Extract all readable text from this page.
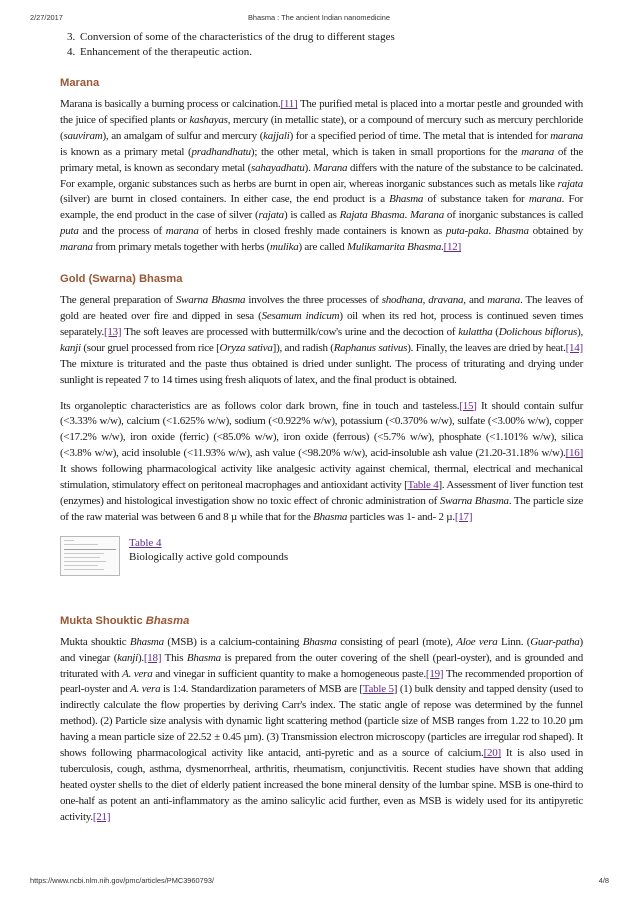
2/27/2017	Bhasma : The ancient Indian nanomedicine
3. Conversion of some of the characteristics of the drug to different stages
4. Enhancement of the therapeutic action.
Marana

Marana is basically a burning process or calcination.[11] The purified metal is placed into a mortar pestle and grounded with the juice of specified plants or kashayas, mercury (in metallic state), or a compound of mercury such as mercury perchloride (sauviram), an amalgam of sulfur and mercury (kajjali) for a specified period of time. The metal that is intended for marana is known as a primary metal (pradhandhatu); the other metal, which is taken in small proportions for the marana of the primary metal, is known as secondary metal (sahayadhatu). Marana differs with the nature of the substance to be calcinated. For example, organic substances such as herbs are burnt in open air, whereas inorganic substances such as metals like rajata (silver) are burnt in closed containers. In either case, the end product is a Bhasma of substance taken for marana. For example, the end product in the case of silver (rajata) is called as Rajata Bhasma. Marana of inorganic substances is called puta and the process of marana of herbs in closed freshly made containers is known as puta-paka. Bhasma obtained by marana from primary metals together with herbs (mulika) are called Mulikamarita Bhasma.[12]

Gold (Swarna) Bhasma

The general preparation of Swarna Bhasma involves the three processes of shodhana, dravana, and marana. The leaves of gold are heated over fire and dipped in sesa (Sesamum indicum) oil when its red hot, process is continued seven times separately.[13] The soft leaves are processed with buttermilk/cow's urine and the decoction of kulattha (Dolichous biflorus), kanji (sour gruel processed from rice [Oryza sativa]), and radish (Raphanus sativus). Finally, the leaves are dried by heat.[14] The mixture is triturated and the paste thus obtained is dried under sunlight. The process of triturating and drying under sunlight is repeated 7 to 14 times using fresh aliquots of latex, and the final product is obtained.

Its organoleptic characteristics are as follows color dark brown, fine in touch and tasteless.[15] It should contain sulfur (<3.33% w/w), calcium (<1.625% w/w), sodium (<0.922% w/w), potassium (<0.370% w/w), sulfate (<3.00% w/w), copper (<17.2% w/w), iron oxide (ferric) (<85.0% w/w), iron oxide (ferrous) (<5.7% w/w), phosphate (<1.101% w/w), silica (<3.8% w/w), acid insoluble (<11.93% w/w), ash value (<98.20% w/w), acid-insoluble ash value (21.20-31.18% w/w).[16] It shows following pharmacological activity like analgesic activity against chemical, thermal, electrical and mechanical stimulation, stimulatory effect on peritoneal macrophages and antioxidant activity [Table 4]. Assessment of liver function test (enzymes) and histological investigation show no toxic effect of chronic administration of Swarna Bhasma. The particle size of the raw material was between 6 and 8 µ while that for the Bhasma particles was 1- and- 2 µ.[17]

Table 4
Biologically active gold compounds
Mukta Shouktic Bhasma

Mukta shouktic Bhasma (MSB) is a calcium-containing Bhasma consisting of pearl (mote), Aloe vera Linn. (Guar-patha) and vinegar (kanji).[18] This Bhasma is prepared from the outer covering of the shell (pearl-oyster), and is grounded and triturated with A. vera and vinegar in sufficient quantity to make a homogeneous paste.[19] The recommended proportion of pearl-oyster and A. vera is 1:4. Standardization parameters of MSB are [Table 5] (1) bulk density and tapped density (used to indirectly calculate the flow properties by deriving Carr's index. The static angle of repose was determined by the funnel method). (2) Particle size analysis with dynamic light scattering method (particle size of MSB ranges from 1.22 to 10.20 µm having a mean particle size of 22.52 ± 0.45 µm). (3) Transmission electron microscopy (particles are irregular rod shaped). It shows following pharmacological activity like antacid, anti-pyretic and as a source of calcium.[20] It is also used in tuberculosis, cough, asthma, dysmenorrheal, arthritis, rheumatism, conjunctivitis. Recent studies have shown that adding heated oyster shells to the diet of elderly patient increased the bone mineral density of the lumbar spine. MSB is one-third to one-half as potent an anti-inflammatory as the amino salicylic acid further, even as MSB is widely used for its antipyretic activity.[21]

https://www.ncbi.nlm.nih.gov/pmc/articles/PMC3960793/	4/8
